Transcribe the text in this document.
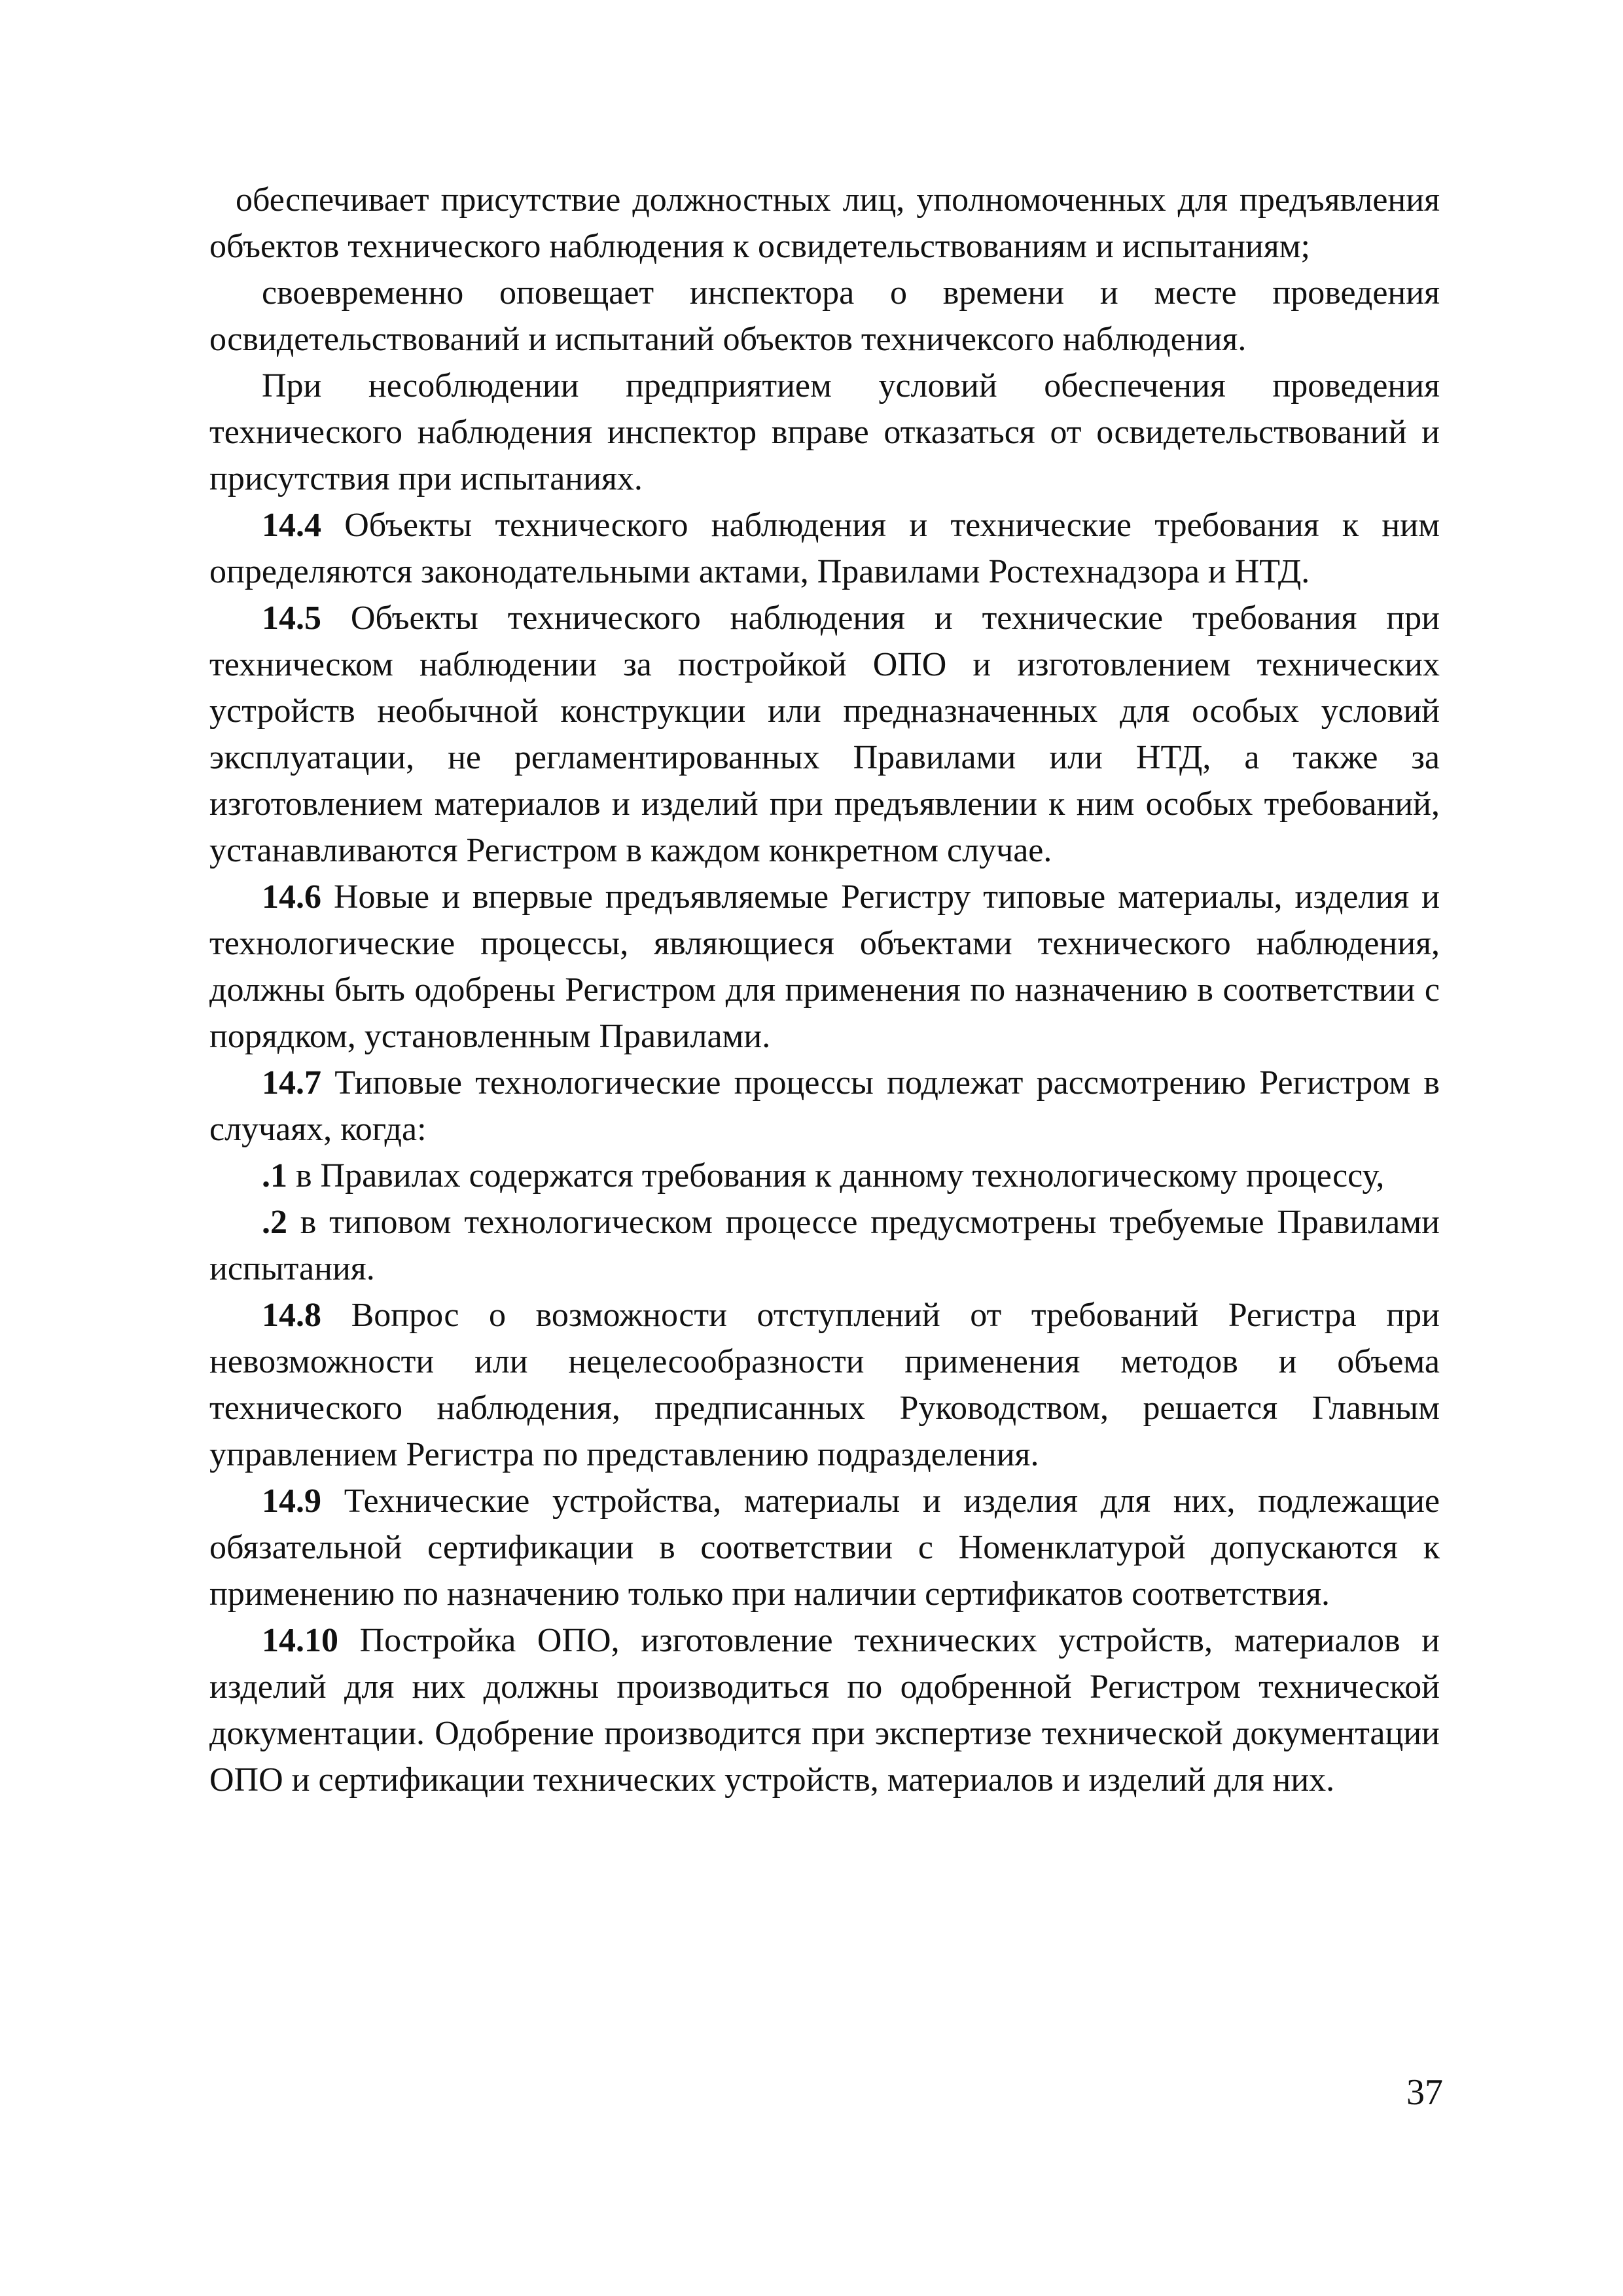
обеспечивает присутствие должностных лиц, уполномоченных для предъявления объектов технического наблюдения к освидетельствованиям и испытаниям;

своевременно оповещает инспектора о времени и месте проведения освидетельствований и испытаний объектов техничексого наблюдения.

При несоблюдении предприятием условий обеспечения проведения технического наблюдения инспектор вправе отказаться от освидетельствований и присутствия при испытаниях.

14.4 Объекты технического наблюдения и технические требования к ним определяются законодательными актами, Правилами Ростехнадзора и НТД.

14.5 Объекты технического наблюдения и технические требования при техническом наблюдении за постройкой ОПО и изготовлением технических устройств необычной конструкции или предназначенных для особых условий эксплуатации, не регламентированных Правилами или НТД, а также за изготовлением материалов и изделий при предъявлении к ним особых требований, устанавливаются Регистром в каждом конкретном случае.

14.6 Новые и впервые предъявляемые Регистру типовые материалы, изделия и технологические процессы, являющиеся объектами технического наблюдения, должны быть одобрены Регистром для применения по назначению в соответствии с порядком, установленным Правилами.

14.7 Типовые технологические процессы подлежат рассмотрению Регистром в случаях, когда:

.1 в Правилах содержатся требования к данному технологическому процессу,

.2 в типовом технологическом процессе предусмотрены требуемые Правилами испытания.

14.8 Вопрос о возможности отступлений от требований Регистра при невозможности или нецелесообразности применения методов и объема технического наблюдения, предписанных Руководством, решается Главным управлением Регистра по представлению подразделения.

14.9 Технические устройства, материалы и изделия для них, подлежащие обязательной сертификации в соответствии с Номенклатурой допускаются к применению по назначению только при наличии сертификатов соответствия.

14.10 Постройка ОПО, изготовление технических устройств, материалов и изделий для них должны производиться по одобренной Регистром технической документации. Одобрение производится при экспертизе технической документации ОПО и сертификации технических устройств, материалов и изделий для них.

37
